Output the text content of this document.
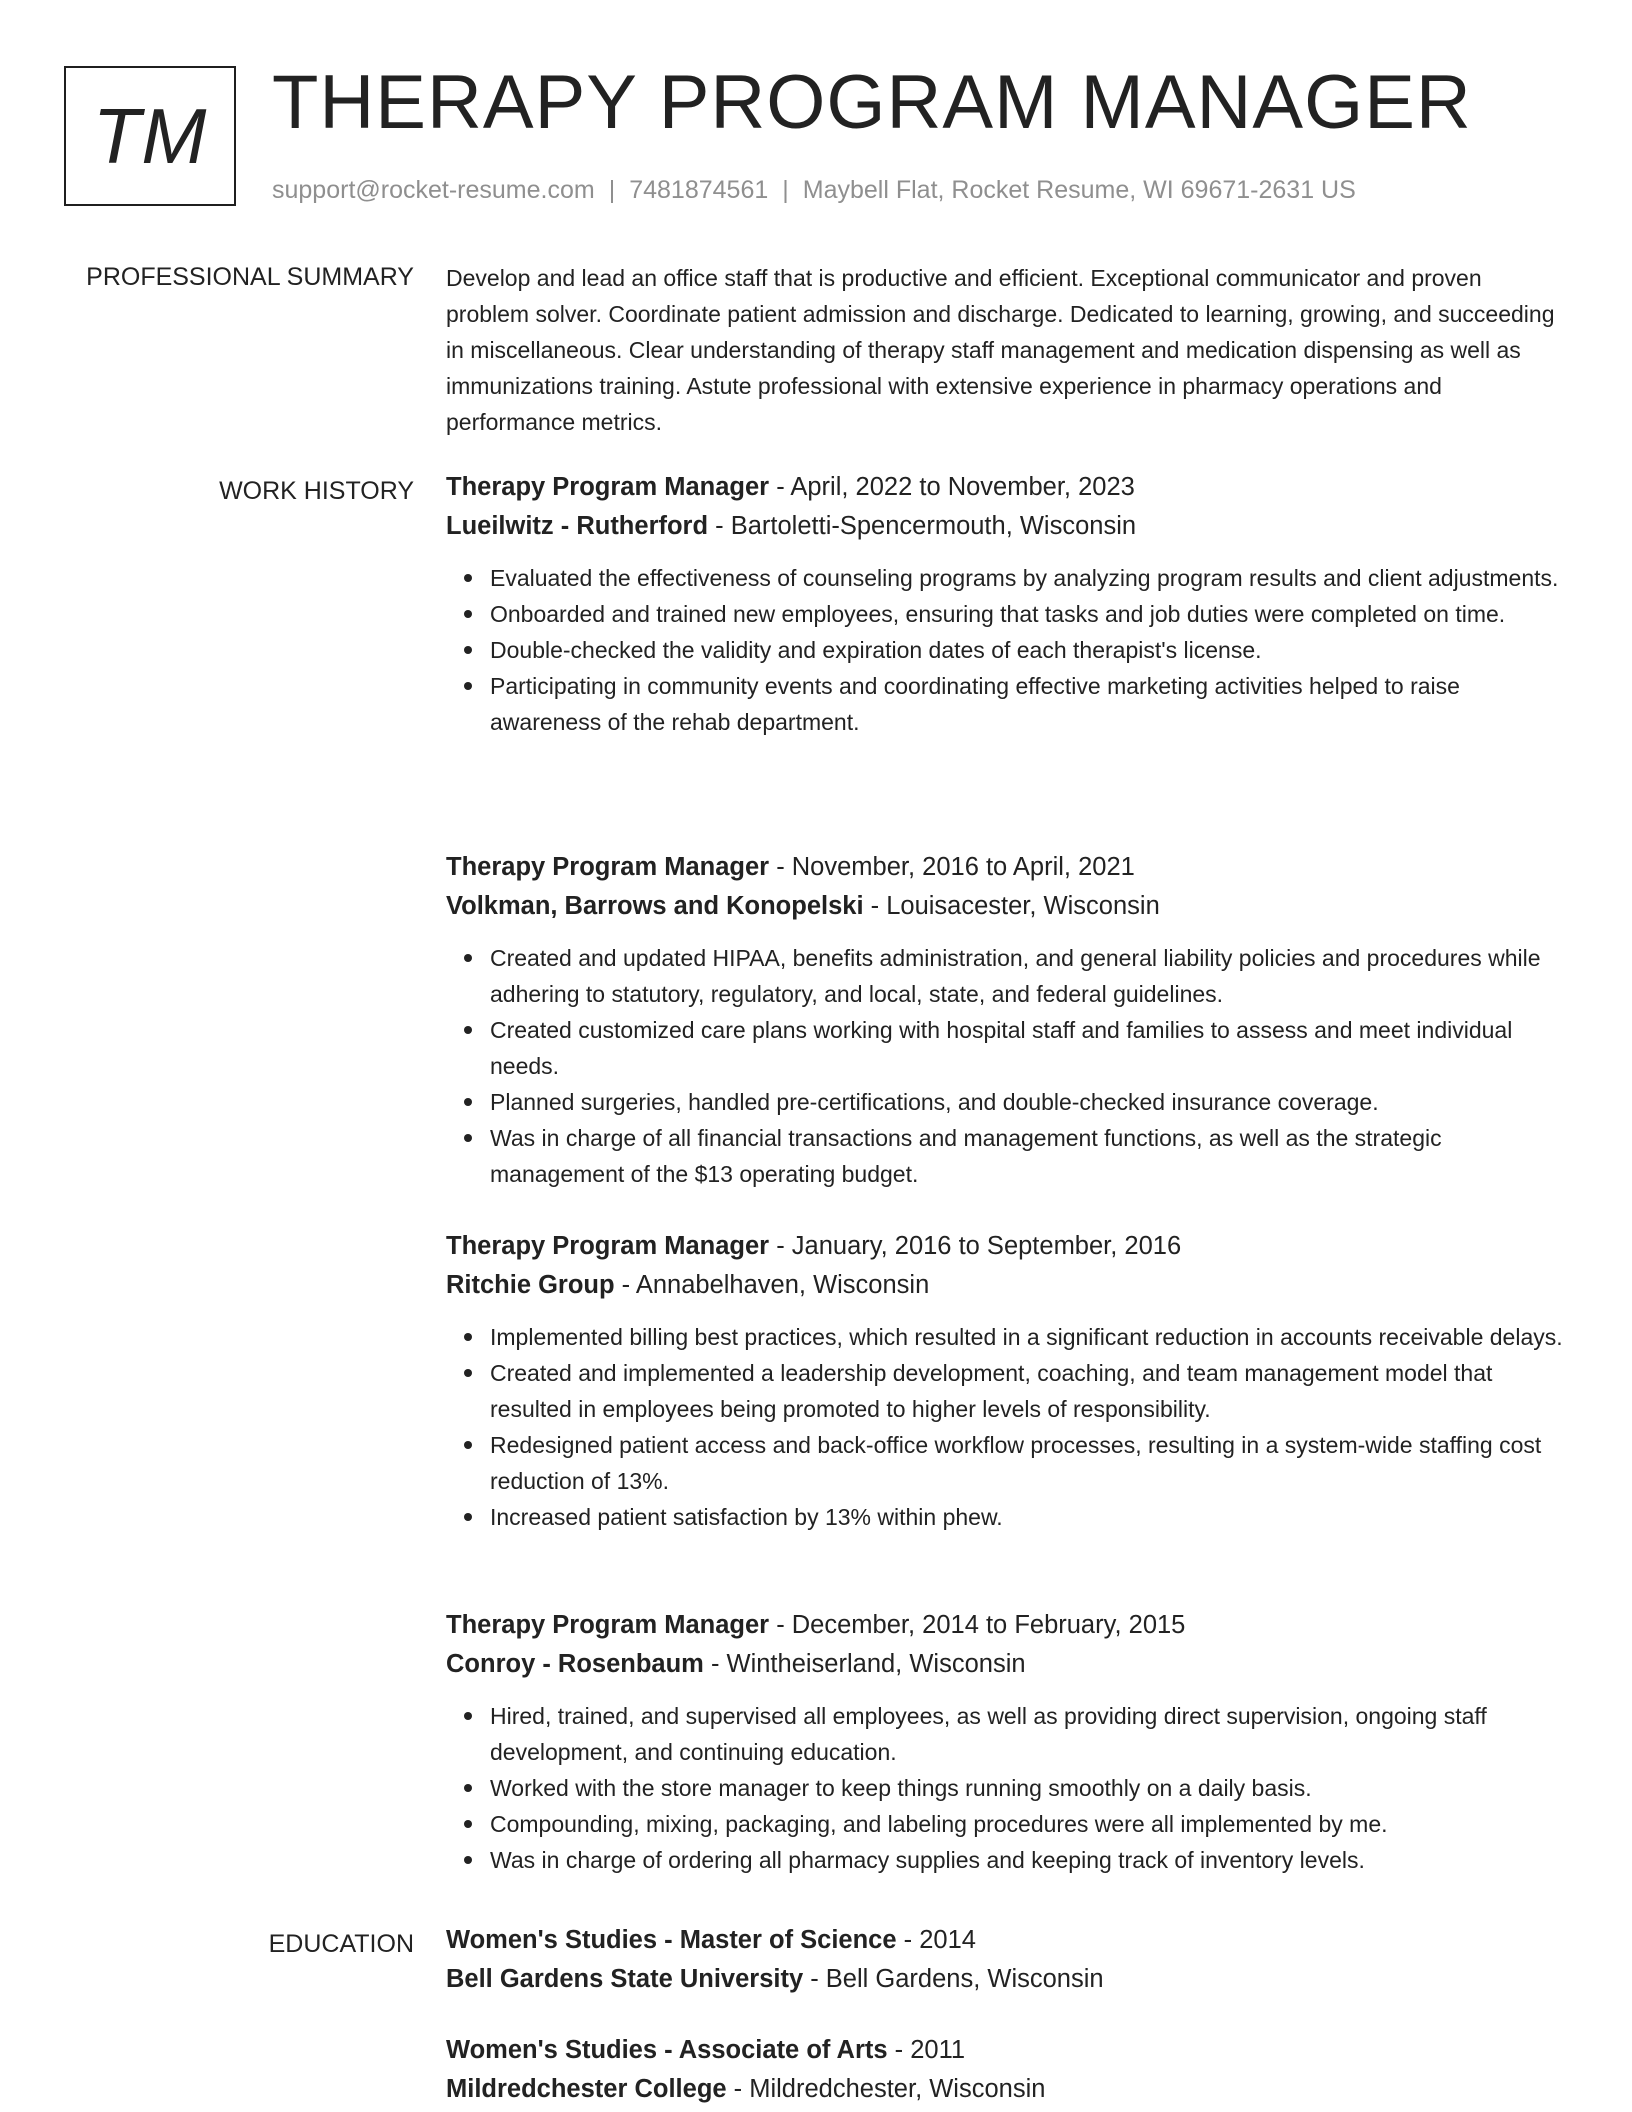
TM THERAPY PROGRAM MANAGER
support@rocket-resume.com | 7481874561 | Maybell Flat, Rocket Resume, WI 69671-2631 US
PROFESSIONAL SUMMARY Develop and lead an office staff that is productive and efficient. Exceptional communicator and proven problem solver. Coordinate patient admission and discharge. Dedicated to learning, growing, and succeeding in miscellaneous. Clear understanding of therapy staff management and medication dispensing as well as immunizations training. Astute professional with extensive experience in pharmacy operations and performance metrics.

WORK HISTORY Therapy Program Manager - April, 2022 to November, 2023
Lueilwitz - Rutherford - Bartoletti-Spencermouth, Wisconsin
Evaluated the effectiveness of counseling programs by analyzing program results and client adjustments.
Onboarded and trained new employees, ensuring that tasks and job duties were completed on time.
Double-checked the validity and expiration dates of each therapist's license.
Participating in community events and coordinating effective marketing activities helped to raise awareness of the rehab department.
Therapy Program Manager - November, 2016 to April, 2021
Volkman, Barrows and Konopelski - Louisacester, Wisconsin
Created and updated HIPAA, benefits administration, and general liability policies and procedures while adhering to statutory, regulatory, and local, state, and federal guidelines.
Created customized care plans working with hospital staff and families to assess and meet individual needs.
Planned surgeries, handled pre-certifications, and double-checked insurance coverage.
Was in charge of all financial transactions and management functions, as well as the strategic management of the $13 operating budget.
Therapy Program Manager - January, 2016 to September, 2016
Ritchie Group - Annabelhaven, Wisconsin
Implemented billing best practices, which resulted in a significant reduction in accounts receivable delays.
Created and implemented a leadership development, coaching, and team management model that resulted in employees being promoted to higher levels of responsibility.
Redesigned patient access and back-office workflow processes, resulting in a system-wide staffing cost reduction of 13%.
Increased patient satisfaction by 13% within phew.
Therapy Program Manager - December, 2014 to February, 2015
Conroy - Rosenbaum - Wintheiserland, Wisconsin
Hired, trained, and supervised all employees, as well as providing direct supervision, ongoing staff development, and continuing education.
Worked with the store manager to keep things running smoothly on a daily basis.
Compounding, mixing, packaging, and labeling procedures were all implemented by me.
Was in charge of ordering all pharmacy supplies and keeping track of inventory levels.
EDUCATION Women's Studies - Master of Science - 2014
Bell Gardens State University - Bell Gardens, Wisconsin
Women's Studies - Associate of Arts - 2011
Mildredchester College - Mildredchester, Wisconsin
